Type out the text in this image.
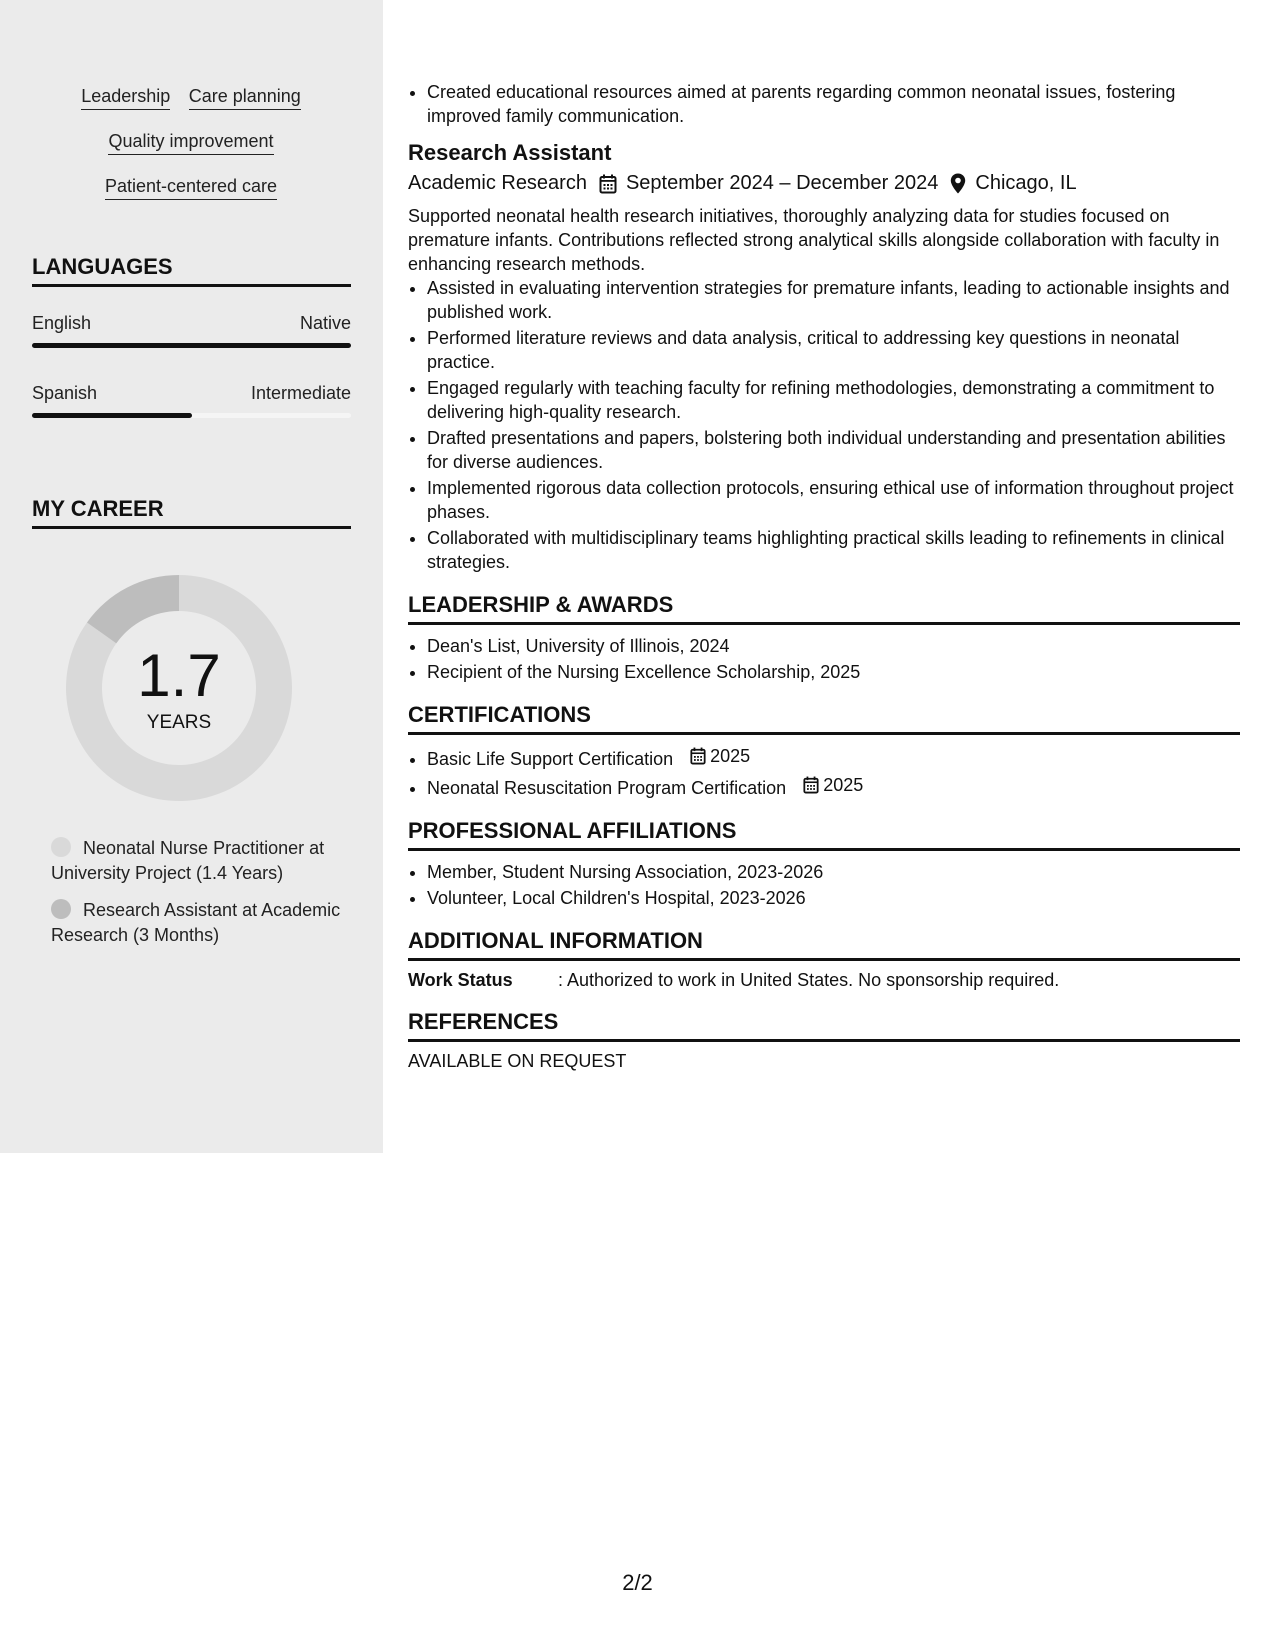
Leadership Care planning
Quality improvement
Patient-centered care
LANGUAGES
English	Native
Spanish	Intermediate
MY CAREER
1.7
YEARS
Neonatal Nurse Practitioner at University Project (1.4 Years)
Research Assistant at Academic Research (3 Months)
• Created educational resources aimed at parents regarding common neonatal issues, fostering improved family communication.
Research Assistant
Academic Research September 2024 – December 2024 Chicago, IL
Supported neonatal health research initiatives, thoroughly analyzing data for studies focused on premature infants. Contributions reflected strong analytical skills alongside collaboration with faculty in enhancing research methods.
• Assisted in evaluating intervention strategies for premature infants, leading to actionable insights and published work.
• Performed literature reviews and data analysis, critical to addressing key questions in neonatal practice.
• Engaged regularly with teaching faculty for refining methodologies, demonstrating a commitment to delivering high-quality research.
• Drafted presentations and papers, bolstering both individual understanding and presentation abilities for diverse audiences.
• Implemented rigorous data collection protocols, ensuring ethical use of information throughout project phases.
• Collaborated with multidisciplinary teams highlighting practical skills leading to refinements in clinical strategies.
LEADERSHIP & AWARDS
• Dean's List, University of Illinois, 2024
• Recipient of the Nursing Excellence Scholarship, 2025
CERTIFICATIONS
• Basic Life Support Certification 2025
• Neonatal Resuscitation Program Certification 2025
PROFESSIONAL AFFILIATIONS
• Member, Student Nursing Association, 2023-2026
• Volunteer, Local Children's Hospital, 2023-2026
ADDITIONAL INFORMATION
Work Status	: Authorized to work in United States. No sponsorship required.
REFERENCES
AVAILABLE ON REQUEST
2/2
